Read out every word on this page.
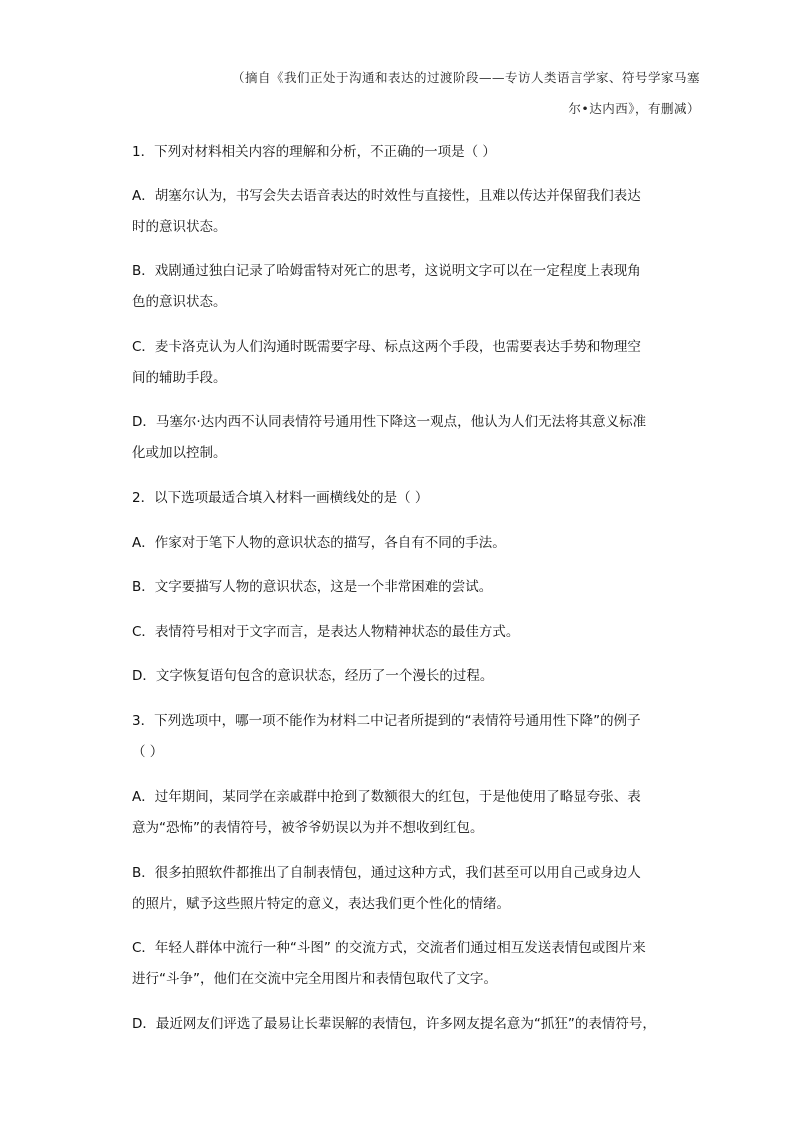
（摘自《我们正处于沟通和表达的过渡阶段——专访人类语言学家、符号学家马塞
尔•达内西》，有删减）
1．下列对材料相关内容的理解和分析，不正确的一项是（ ）
A．胡塞尔认为，书写会失去语音表达的时效性与直接性，且难以传达并保留我们表达
时的意识状态。
B．戏剧通过独白记录了哈姆雷特对死亡的思考，这说明文字可以在一定程度上表现角
色的意识状态。
C．麦卡洛克认为人们沟通时既需要字母、标点这两个手段，也需要表达手势和物理空
间的辅助手段。
D．马塞尔·达内西不认同表情符号通用性下降这一观点，他认为人们无法将其意义标准
化或加以控制。
2．以下选项最适合填入材料一画横线处的是（ ）
A．作家对于笔下人物的意识状态的描写，各自有不同的手法。
B．文字要描写人物的意识状态，这是一个非常困难的尝试。
C．表情符号相对于文字而言，是表达人物精神状态的最佳方式。
D．文字恢复语句包含的意识状态，经历了一个漫长的过程。
3．下列选项中，哪一项不能作为材料二中记者所提到的“表情符号通用性下降”的例子
（ ）
A．过年期间，某同学在亲戚群中抢到了数额很大的红包，于是他使用了略显夸张、表
意为“恐怖”的表情符号，被爷爷奶误以为并不想收到红包。
B．很多拍照软件都推出了自制表情包，通过这种方式，我们甚至可以用自己或身边人
的照片，赋予这些照片特定的意义，表达我们更个性化的情绪。
C．年轻人群体中流行一种“斗图” 的交流方式，交流者们通过相互发送表情包或图片来
进行“斗争”，他们在交流中完全用图片和表情包取代了文字。
D．最近网友们评选了最易让长辈误解的表情包，许多网友提名意为“抓狂”的表情符号，
